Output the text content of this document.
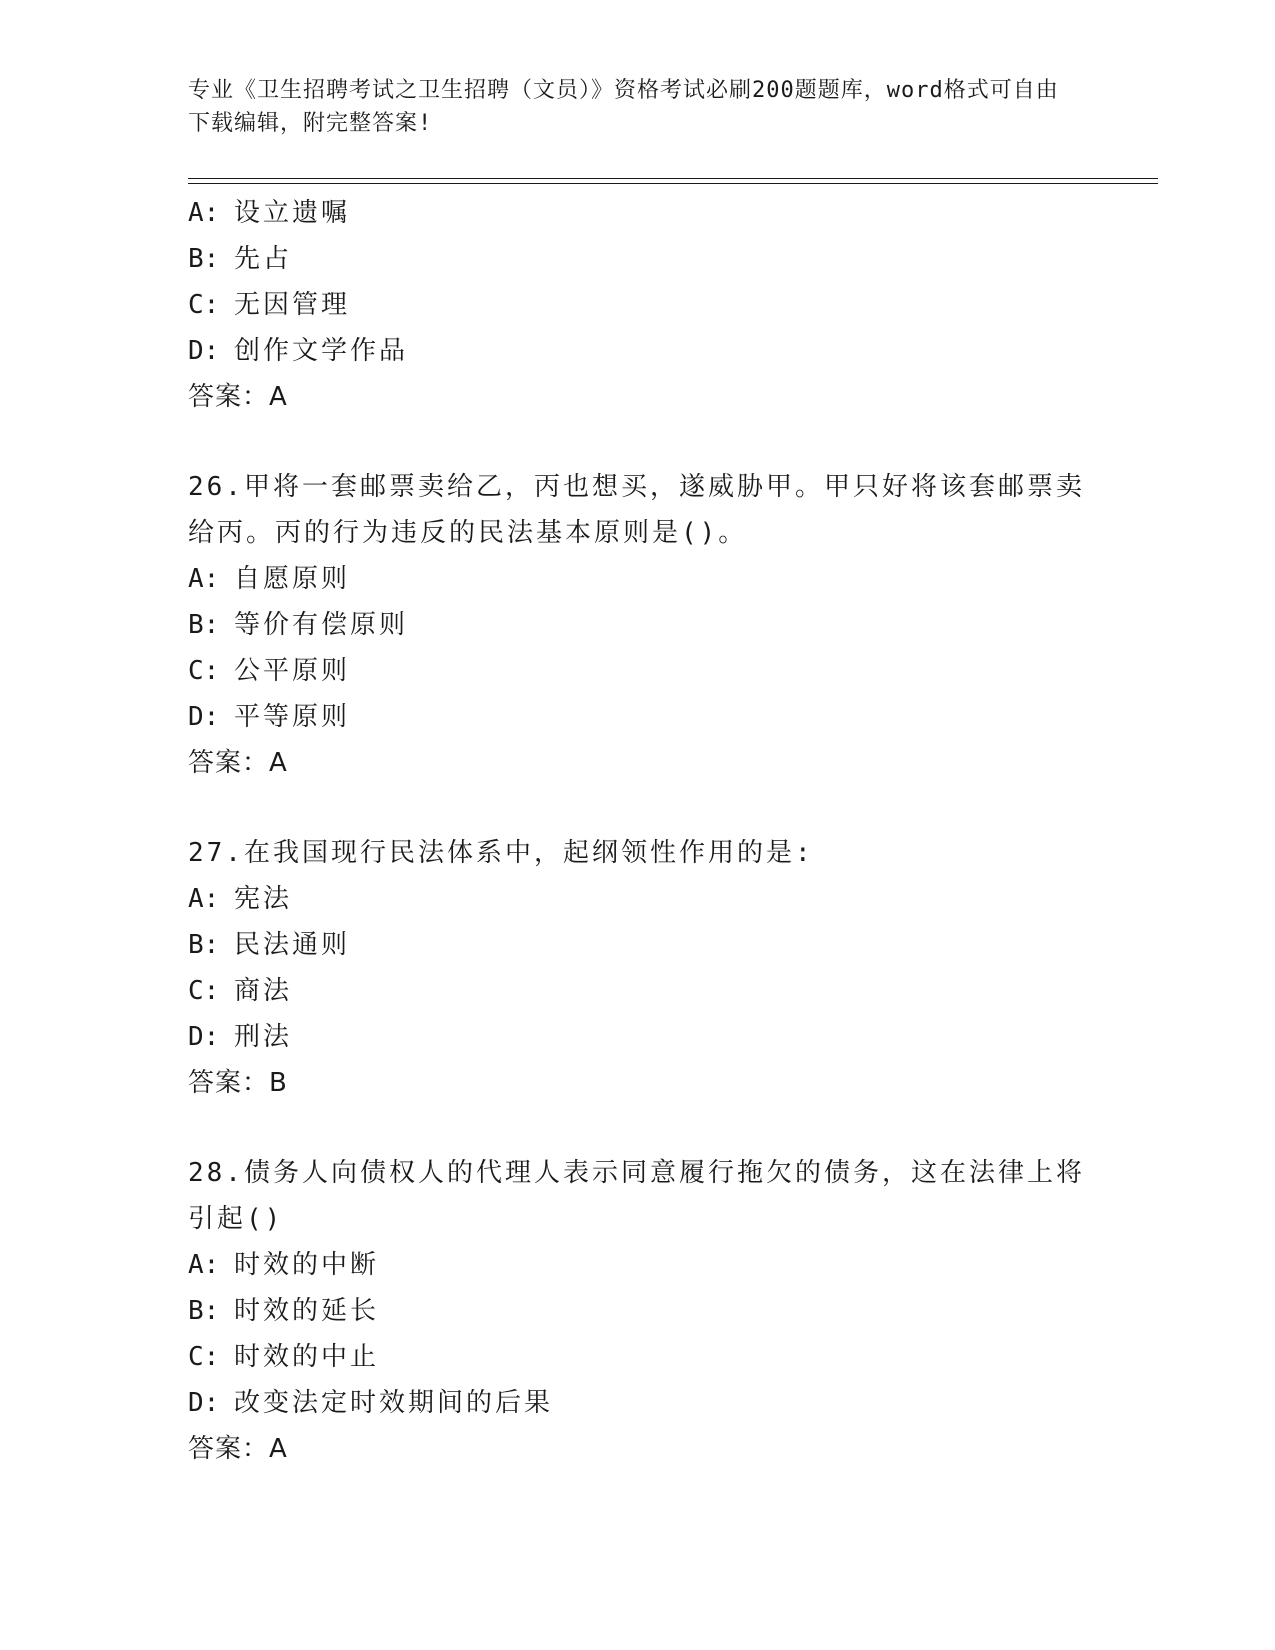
专业《卫生招聘考试之卫生招聘（文员）》资格考试必刷200题题库，word格式可自由下载编辑，附完整答案!
A: 设立遗嘱
B: 先占
C: 无因管理
D: 创作文学作品
答案：A
26.甲将一套邮票卖给乙，丙也想买，遂威胁甲。甲只好将该套邮票卖给丙。丙的行为违反的民法基本原则是()。
A: 自愿原则
B: 等价有偿原则
C: 公平原则
D: 平等原则
答案：A
27.在我国现行民法体系中，起纲领性作用的是:
A: 宪法
B: 民法通则
C: 商法
D: 刑法
答案：B
28.债务人向债权人的代理人表示同意履行拖欠的债务，这在法律上将引起()
A: 时效的中断
B: 时效的延长
C: 时效的中止
D: 改变法定时效期间的后果
答案：A
